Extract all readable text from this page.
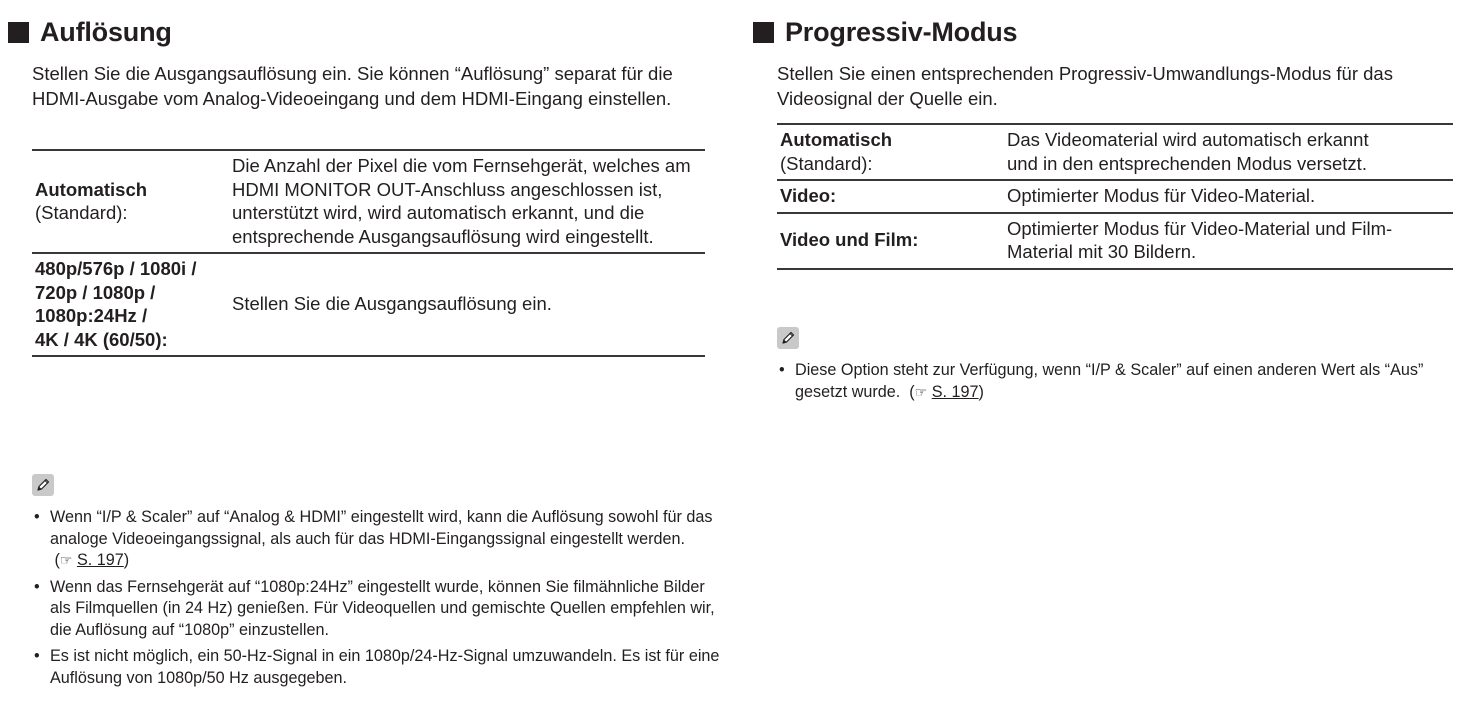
Auflösung
Stellen Sie die Ausgangsauflösung ein. Sie können “Auflösung” separat für die HDMI-Ausgabe vom Analog-Videoeingang und dem HDMI-Eingang einstellen.
Automatisch
(Standard):	Die Anzahl der Pixel die vom Fernsehgerät, welches am HDMI MONITOR OUT-Anschluss angeschlossen ist, unterstützt wird, wird automatisch erkannt, und die entsprechende Ausgangsauflösung wird eingestellt.

480p/576p / 1080i /
720p / 1080p /
1080p:24Hz /
4K / 4K (60/50):	Stellen Sie die Ausgangsauflösung ein.
• Wenn “I/P & Scaler” auf “Analog & HDMI” eingestellt wird, kann die Auflösung sowohl für das analoge Videoeingangssignal, als auch für das HDMI-Eingangssignal eingestellt werden.  (☞ S. 197)
• Wenn das Fernsehgerät auf “1080p:24Hz” eingestellt wurde, können Sie filmähnliche Bilder als Filmquellen (in 24 Hz) genießen. Für Videoquellen und gemischte Quellen empfehlen wir, die Auflösung auf “1080p” einzustellen.
• Es ist nicht möglich, ein 50-Hz-Signal in ein 1080p/24-Hz-Signal umzuwandeln. Es ist für eine Auflösung von 1080p/50 Hz ausgegeben.
Progressiv-Modus
Stellen Sie einen entsprechenden Progressiv-Umwandlungs-Modus für das Videosignal der Quelle ein.
Automatisch
(Standard):	Das Videomaterial wird automatisch erkannt und in den entsprechenden Modus versetzt.
Video:	Optimierter Modus für Video-Material.
Video und Film:	Optimierter Modus für Video-Material und Film-Material mit 30 Bildern.
• Diese Option steht zur Verfügung, wenn “I/P & Scaler” auf einen anderen Wert als “Aus” gesetzt wurde. (☞ S. 197)
